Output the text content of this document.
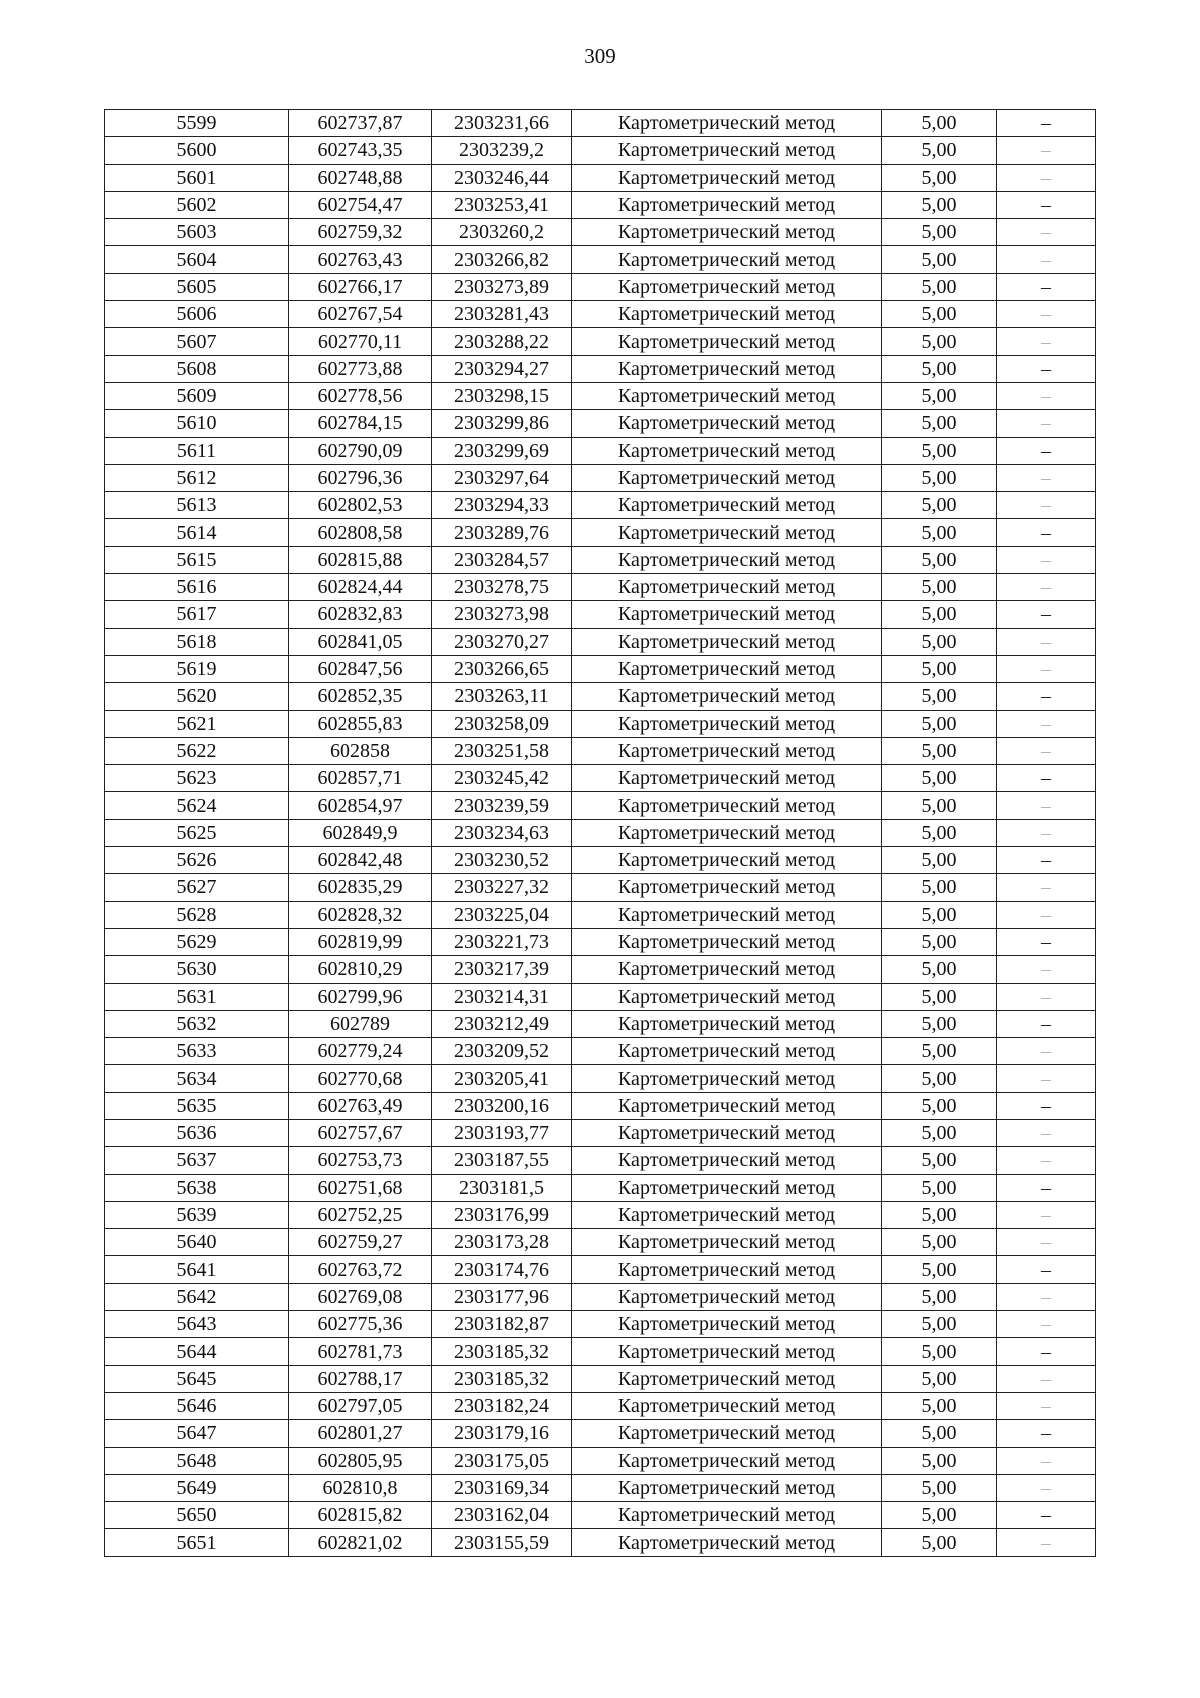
309
5599	602737,87	2303231,66	Картометрический метод	5,00	–
5600	602743,35	2303239,2	Картометрический метод	5,00	–
5601	602748,88	2303246,44	Картометрический метод	5,00	–
5602	602754,47	2303253,41	Картометрический метод	5,00	–
5603	602759,32	2303260,2	Картометрический метод	5,00	–
5604	602763,43	2303266,82	Картометрический метод	5,00	–
5605	602766,17	2303273,89	Картометрический метод	5,00	–
5606	602767,54	2303281,43	Картометрический метод	5,00	–
5607	602770,11	2303288,22	Картометрический метод	5,00	–
5608	602773,88	2303294,27	Картометрический метод	5,00	–
5609	602778,56	2303298,15	Картометрический метод	5,00	–
5610	602784,15	2303299,86	Картометрический метод	5,00	–
5611	602790,09	2303299,69	Картометрический метод	5,00	–
5612	602796,36	2303297,64	Картометрический метод	5,00	–
5613	602802,53	2303294,33	Картометрический метод	5,00	–
5614	602808,58	2303289,76	Картометрический метод	5,00	–
5615	602815,88	2303284,57	Картометрический метод	5,00	–
5616	602824,44	2303278,75	Картометрический метод	5,00	–
5617	602832,83	2303273,98	Картометрический метод	5,00	–
5618	602841,05	2303270,27	Картометрический метод	5,00	–
5619	602847,56	2303266,65	Картометрический метод	5,00	–
5620	602852,35	2303263,11	Картометрический метод	5,00	–
5621	602855,83	2303258,09	Картометрический метод	5,00	–
5622	602858	2303251,58	Картометрический метод	5,00	–
5623	602857,71	2303245,42	Картометрический метод	5,00	–
5624	602854,97	2303239,59	Картометрический метод	5,00	–
5625	602849,9	2303234,63	Картометрический метод	5,00	–
5626	602842,48	2303230,52	Картометрический метод	5,00	–
5627	602835,29	2303227,32	Картометрический метод	5,00	–
5628	602828,32	2303225,04	Картометрический метод	5,00	–
5629	602819,99	2303221,73	Картометрический метод	5,00	–
5630	602810,29	2303217,39	Картометрический метод	5,00	–
5631	602799,96	2303214,31	Картометрический метод	5,00	–
5632	602789	2303212,49	Картометрический метод	5,00	–
5633	602779,24	2303209,52	Картометрический метод	5,00	–
5634	602770,68	2303205,41	Картометрический метод	5,00	–
5635	602763,49	2303200,16	Картометрический метод	5,00	–
5636	602757,67	2303193,77	Картометрический метод	5,00	–
5637	602753,73	2303187,55	Картометрический метод	5,00	–
5638	602751,68	2303181,5	Картометрический метод	5,00	–
5639	602752,25	2303176,99	Картометрический метод	5,00	–
5640	602759,27	2303173,28	Картометрический метод	5,00	–
5641	602763,72	2303174,76	Картометрический метод	5,00	–
5642	602769,08	2303177,96	Картометрический метод	5,00	–
5643	602775,36	2303182,87	Картометрический метод	5,00	–
5644	602781,73	2303185,32	Картометрический метод	5,00	–
5645	602788,17	2303185,32	Картометрический метод	5,00	–
5646	602797,05	2303182,24	Картометрический метод	5,00	–
5647	602801,27	2303179,16	Картометрический метод	5,00	–
5648	602805,95	2303175,05	Картометрический метод	5,00	–
5649	602810,8	2303169,34	Картометрический метод	5,00	–
5650	602815,82	2303162,04	Картометрический метод	5,00	–
5651	602821,02	2303155,59	Картометрический метод	5,00	–
